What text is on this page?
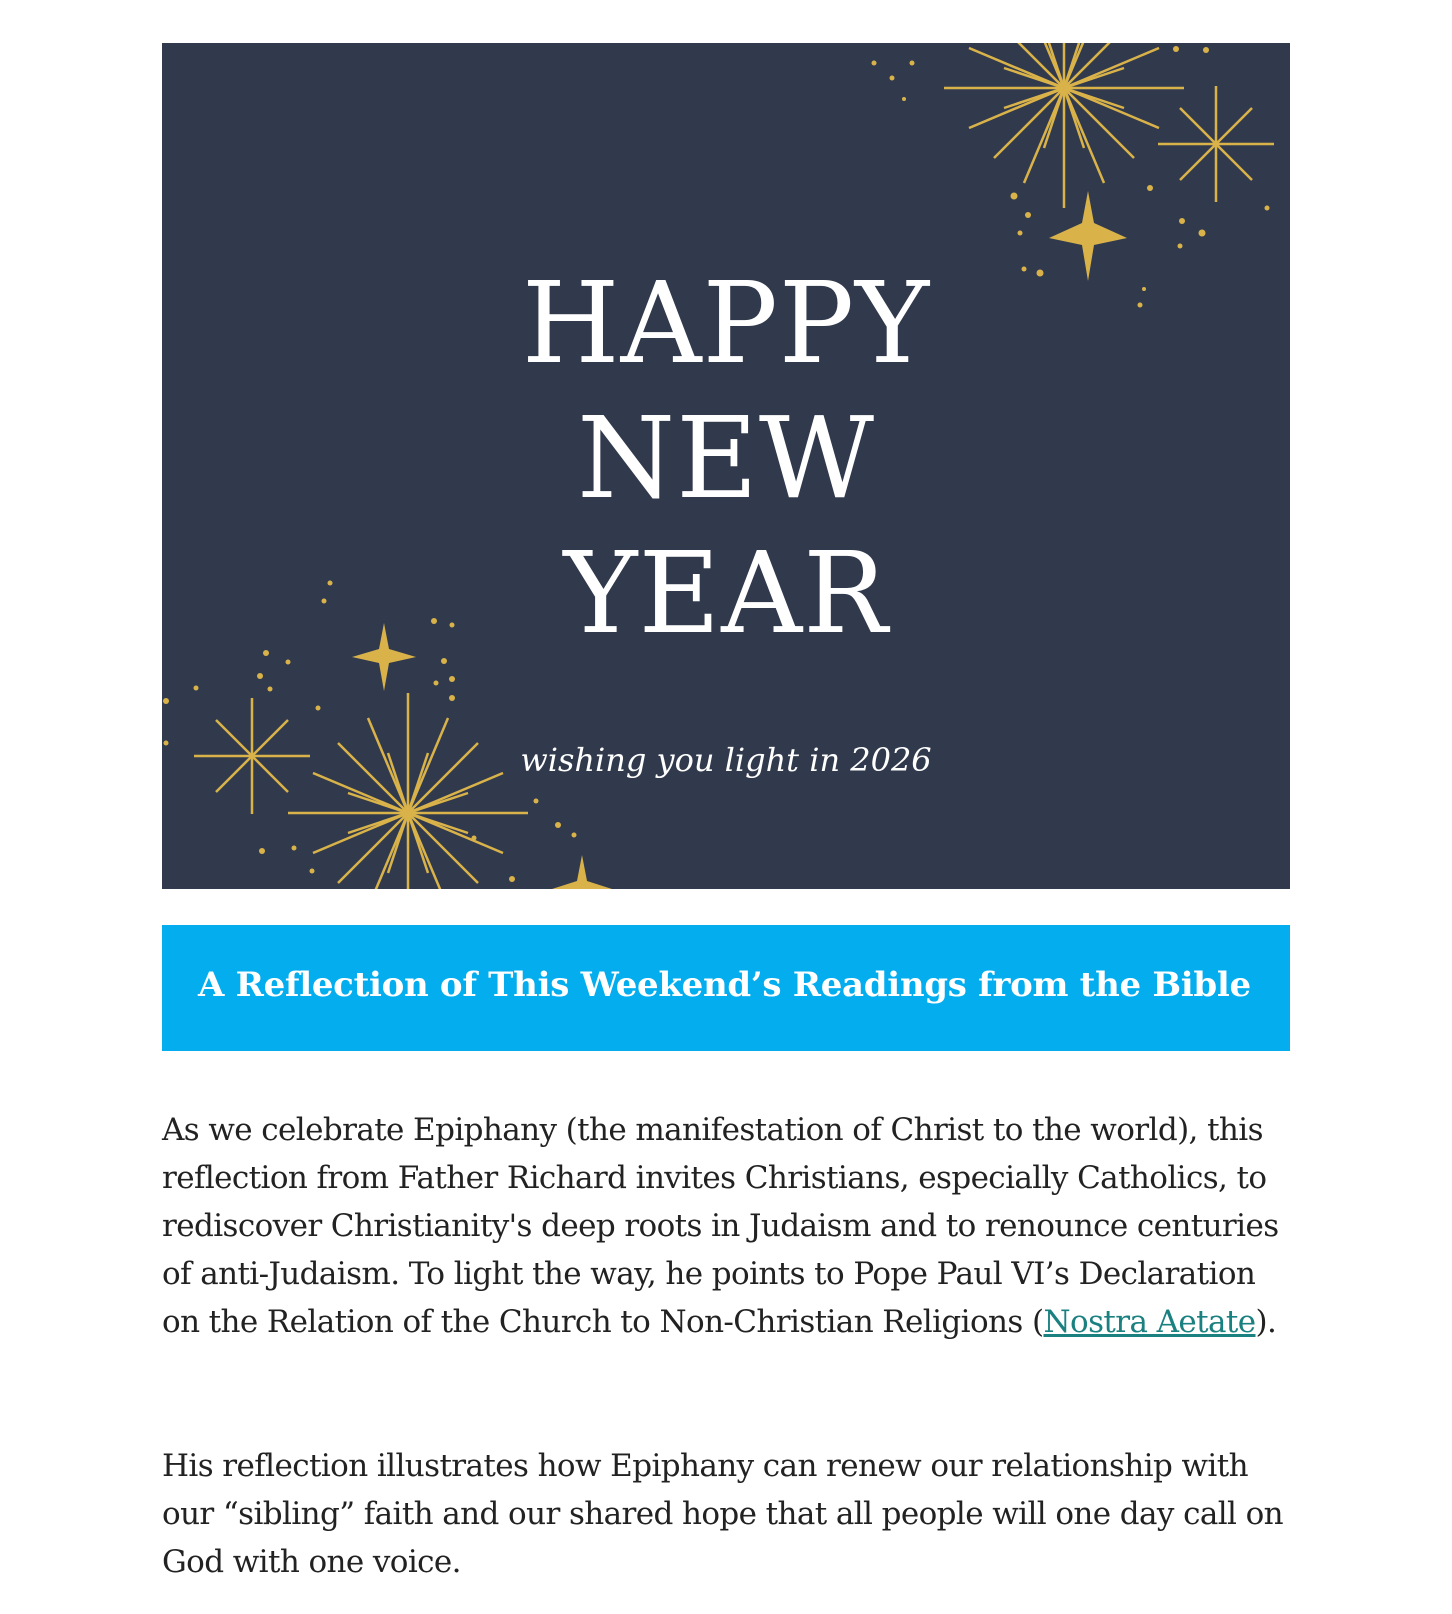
HAPPY
NEW
YEAR
wishing you light in 2026
A Reflection of This Weekend’s Readings from the Bible

As we celebrate Epiphany (the manifestation of Christ to the world), this reflection from Father Richard invites Christians, especially Catholics, to rediscover Christianity's deep roots in Judaism and to renounce centuries of anti-Judaism. To light the way, he points to Pope Paul VI’s Declaration on the Relation of the Church to Non-Christian Religions (Nostra Aetate).

His reflection illustrates how Epiphany can renew our relationship with our “sibling” faith and our shared hope that all people will one day call on God with one voice.
